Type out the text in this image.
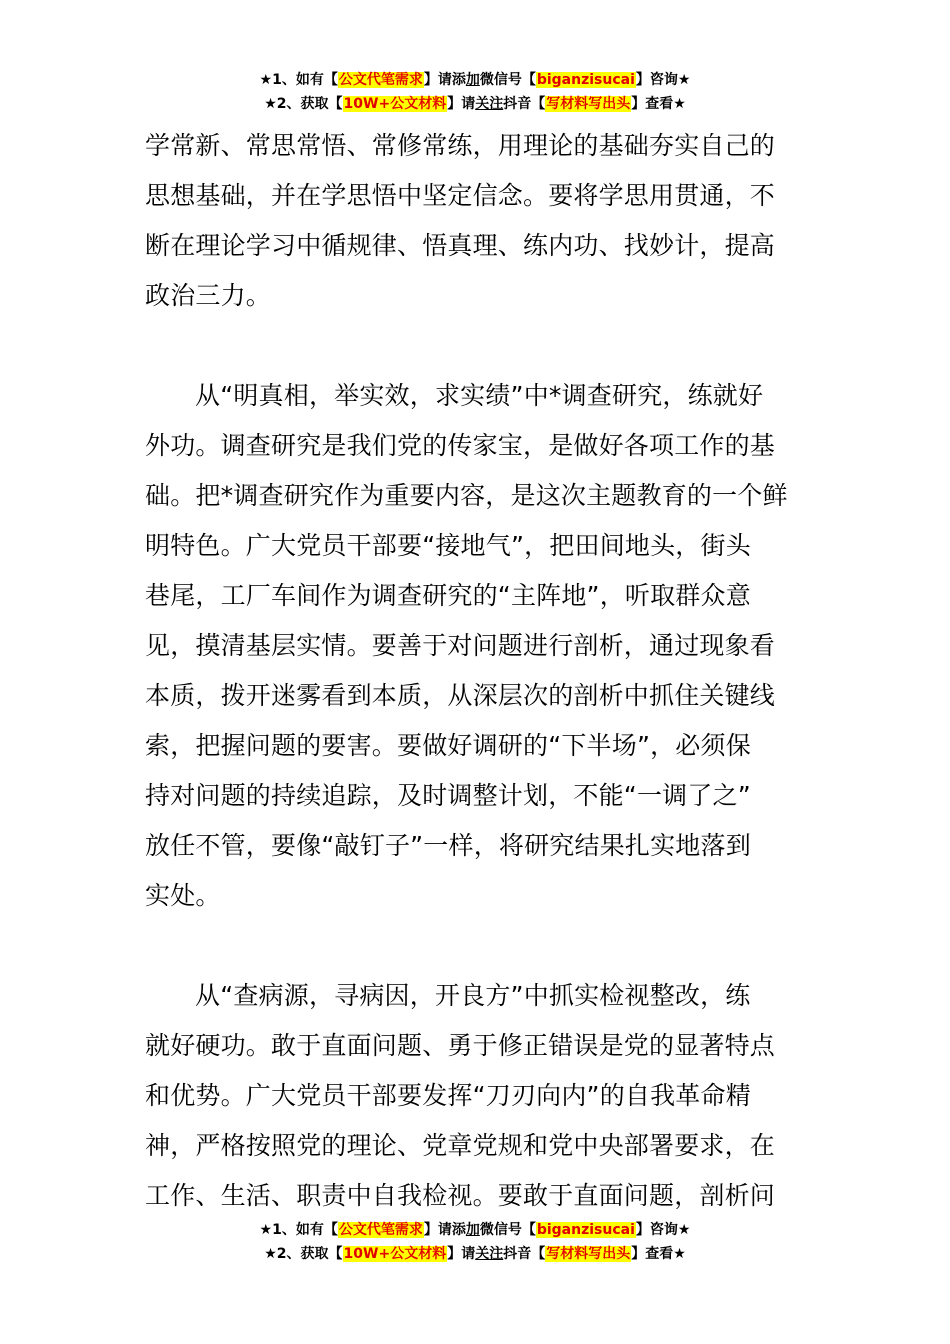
★1、如有【公文代笔需求】请添加微信号【biganzisucai】咨询★
★2、获取【10W+公文材料】请关注抖音【写材料写出头】查看★
学常新、常思常悟、常修常练，用理论的基础夯实自己的
思想基础，并在学思悟中坚定信念。要将学思用贯通，不
断在理论学习中循规律、悟真理、练内功、找妙计，提高
政治三力。
从“明真相，举实效，求实绩”中*调查研究，练就好
外功。调查研究是我们党的传家宝，是做好各项工作的基
础。把*调查研究作为重要内容，是这次主题教育的一个鲜
明特色。广大党员干部要“接地气”，把田间地头，街头
巷尾，工厂车间作为调查研究的“主阵地”，听取群众意
见，摸清基层实情。要善于对问题进行剖析，通过现象看
本质，拨开迷雾看到本质，从深层次的剖析中抓住关键线
索，把握问题的要害。要做好调研的“下半场”，必须保
持对问题的持续追踪，及时调整计划，不能“一调了之”
放任不管，要像“敲钉子”一样，将研究结果扎实地落到
实处。
从“查病源，寻病因，开良方”中抓实检视整改，练
就好硬功。敢于直面问题、勇于修正错误是党的显著特点
和优势。广大党员干部要发挥“刀刃向内”的自我革命精
神，严格按照党的理论、党章党规和党中央部署要求，在
工作、生活、职责中自我检视。要敢于直面问题，剖析问
★1、如有【公文代笔需求】请添加微信号【biganzisucai】咨询★
★2、获取【10W+公文材料】请关注抖音【写材料写出头】查看★
